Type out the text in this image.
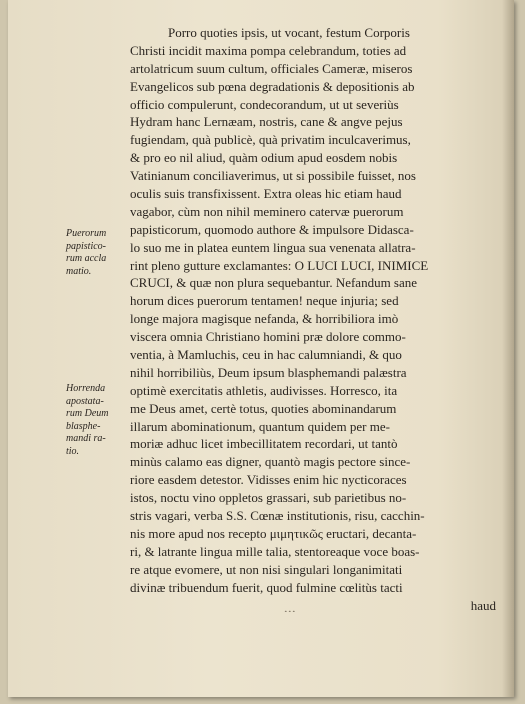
Porro quoties ipsis, ut vocant, festum Corporis
Christi incidit maxima pompa celebrandum, toties ad
artolatricum suum cultum, officiales Cameræ, miseros
Evangelicos sub pœna degradationis & depositionis ab
officio compulerunt, condecorandum, ut ut severiùs
Hydram hanc Lernæam, nostris, cane & angve pejus
fugiendam, quà publicè, quà privatim inculcaverimus,
& pro eo nil aliud, quàm odium apud eosdem nobis
Vatinianum conciliaverimus, ut si possibile fuisset, nos
oculis suis transfixissent. Extra oleas hic etiam haud
vagabor, cùm non nihil meminero catervæ puerorum
papisticorum, quomodo authore & impulsore Didasca-
lo suo me in platea euntem lingua sua venenata allatra-
rint pleno gutture exclamantes: O LUCI LUCI, INIMICE
CRUCI, & quæ non plura sequebantur. Nefandum sane
horum dices puerorum tentamen! neque injuria; sed
longe majora magisque nefanda, & horribiliora imò
viscera omnia Christiano homini præ dolore commo-
ventia, à Mamluchis, ceu in hac calumniandi, & quo
nihil horribiliùs, Deum ipsum blasphemandi palæstra
optimè exercitatis athletis, audivisses. Horresco, ita
me Deus amet, certè totus, quoties abominandarum
illarum abominationum, quantum quidem per me-
moriæ adhuc licet imbecillitatem recordari, ut tantò
minùs calamo eas digner, quantò magis pectore since-
riore easdem detestor. Vidisses enim hic nycticoraces
istos, noctu vino oppletos grassari, sub parietibus no-
stris vagari, verba S.S. Cœnæ institutionis, risu, cacchin-
nis more apud nos recepto μιμητικῶς eructari, decanta-
ri, & latrante lingua mille talia, stentoreaque voce boas-
re atque evomere, ut non nisi singulari longanimitati
divinæ tribuendum fuerit, quod fulmine cœlitùs tacti
haud
Puerorum
papistico-
rum accla
matio.
Horrenda
apostata-
rum Deum
blasphe-
mandi ra-
tio.
...
